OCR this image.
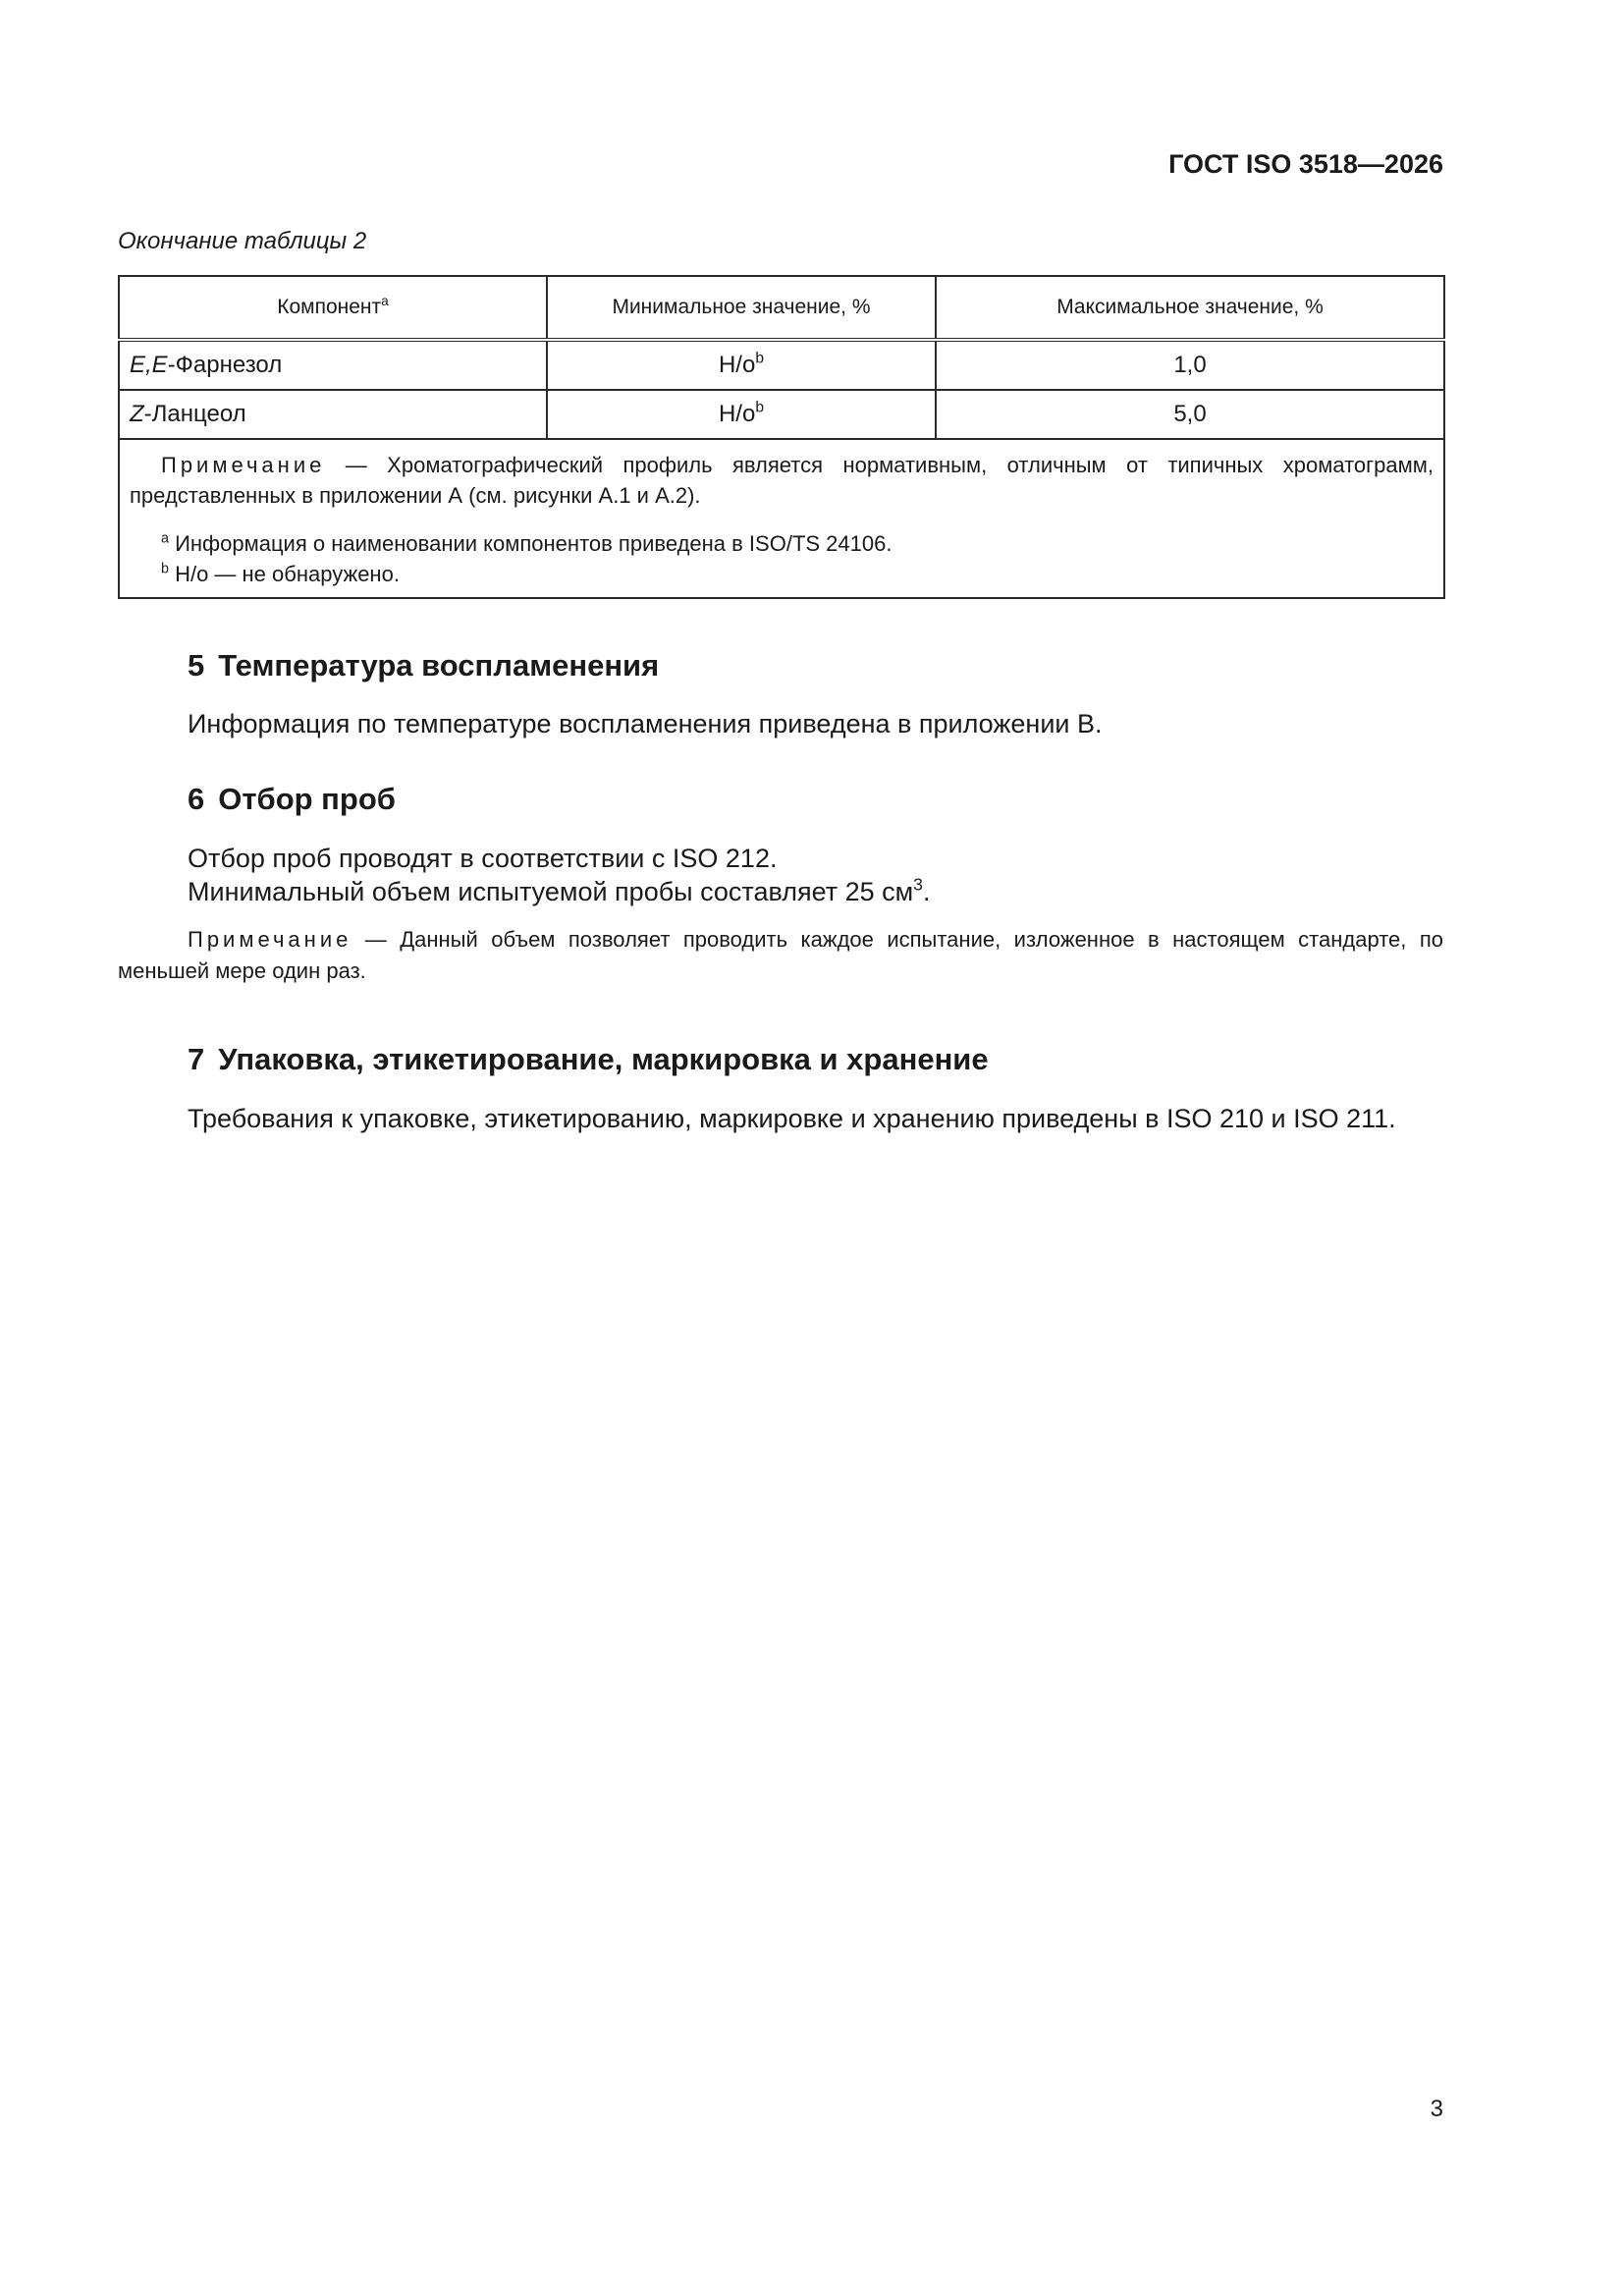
ГОСТ ISO 3518—2026
Окончание таблицы 2
Компонент$^a$	Минимальное значение, %	Максимальное значение, %
E,E-Фарнезол	$Н/о^b$	1,0
Z-Ланцеол	$Н/о^b$	5,0

Примечание — Хроматографический профиль является нормативным, отличным от типичных хроматограмм, представленных в приложении А (см. рисунки А.1 и А.2).

$^a$ Информация о наименовании компонентов приведена в ISO/TS 24106.
$^b$ Н/о — не обнаружено.		
5 Температура воспламенения
Информация по температуре воспламенения приведена в приложении В.
6 Отбор проб
Отбор проб проводят в соответствии с ISO 212.
Минимальный объем испытуемой пробы составляет 25 $см^3$.
Примечание — Данный объем позволяет проводить каждое испытание, изложенное в настоящем стандарте, по меньшей мере один раз.
7 Упаковка, этикетирование, маркировка и хранение
Требования к упаковке, этикетированию, маркировке и хранению приведены в ISO 210 и ISO 211.
3
